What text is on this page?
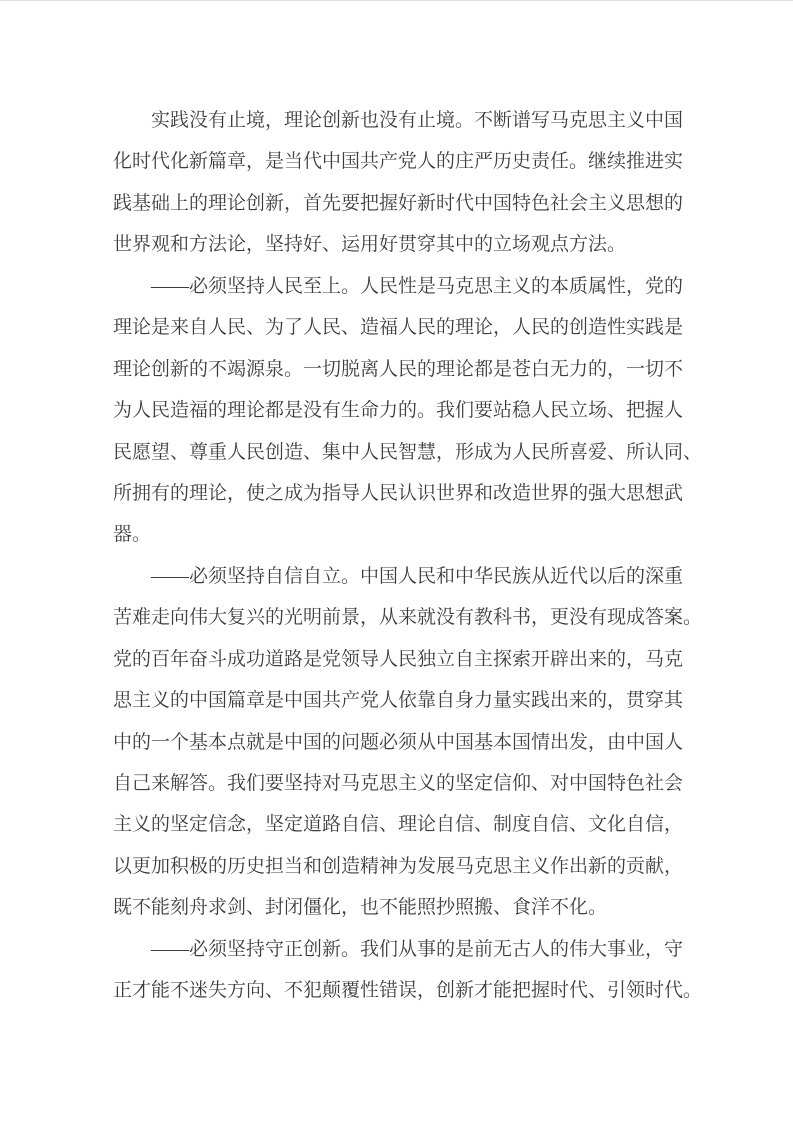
实践没有止境，理论创新也没有止境。不断谱写马克思主义中国
化时代化新篇章，是当代中国共产党人的庄严历史责任。继续推进实
践基础上的理论创新，首先要把握好新时代中国特色社会主义思想的
世界观和方法论，坚持好、运用好贯穿其中的立场观点方法。
——必须坚持人民至上。人民性是马克思主义的本质属性，党的
理论是来自人民、为了人民、造福人民的理论，人民的创造性实践是
理论创新的不竭源泉。一切脱离人民的理论都是苍白无力的，一切不
为人民造福的理论都是没有生命力的。我们要站稳人民立场、把握人
民愿望、尊重人民创造、集中人民智慧，形成为人民所喜爱、所认同、
所拥有的理论，使之成为指导人民认识世界和改造世界的强大思想武
器。
——必须坚持自信自立。中国人民和中华民族从近代以后的深重
苦难走向伟大复兴的光明前景，从来就没有教科书，更没有现成答案。
党的百年奋斗成功道路是党领导人民独立自主探索开辟出来的，马克
思主义的中国篇章是中国共产党人依靠自身力量实践出来的，贯穿其
中的一个基本点就是中国的问题必须从中国基本国情出发，由中国人
自己来解答。我们要坚持对马克思主义的坚定信仰、对中国特色社会
主义的坚定信念，坚定道路自信、理论自信、制度自信、文化自信，
以更加积极的历史担当和创造精神为发展马克思主义作出新的贡献，
既不能刻舟求剑、封闭僵化，也不能照抄照搬、食洋不化。
——必须坚持守正创新。我们从事的是前无古人的伟大事业，守
正才能不迷失方向、不犯颠覆性错误，创新才能把握时代、引领时代。
